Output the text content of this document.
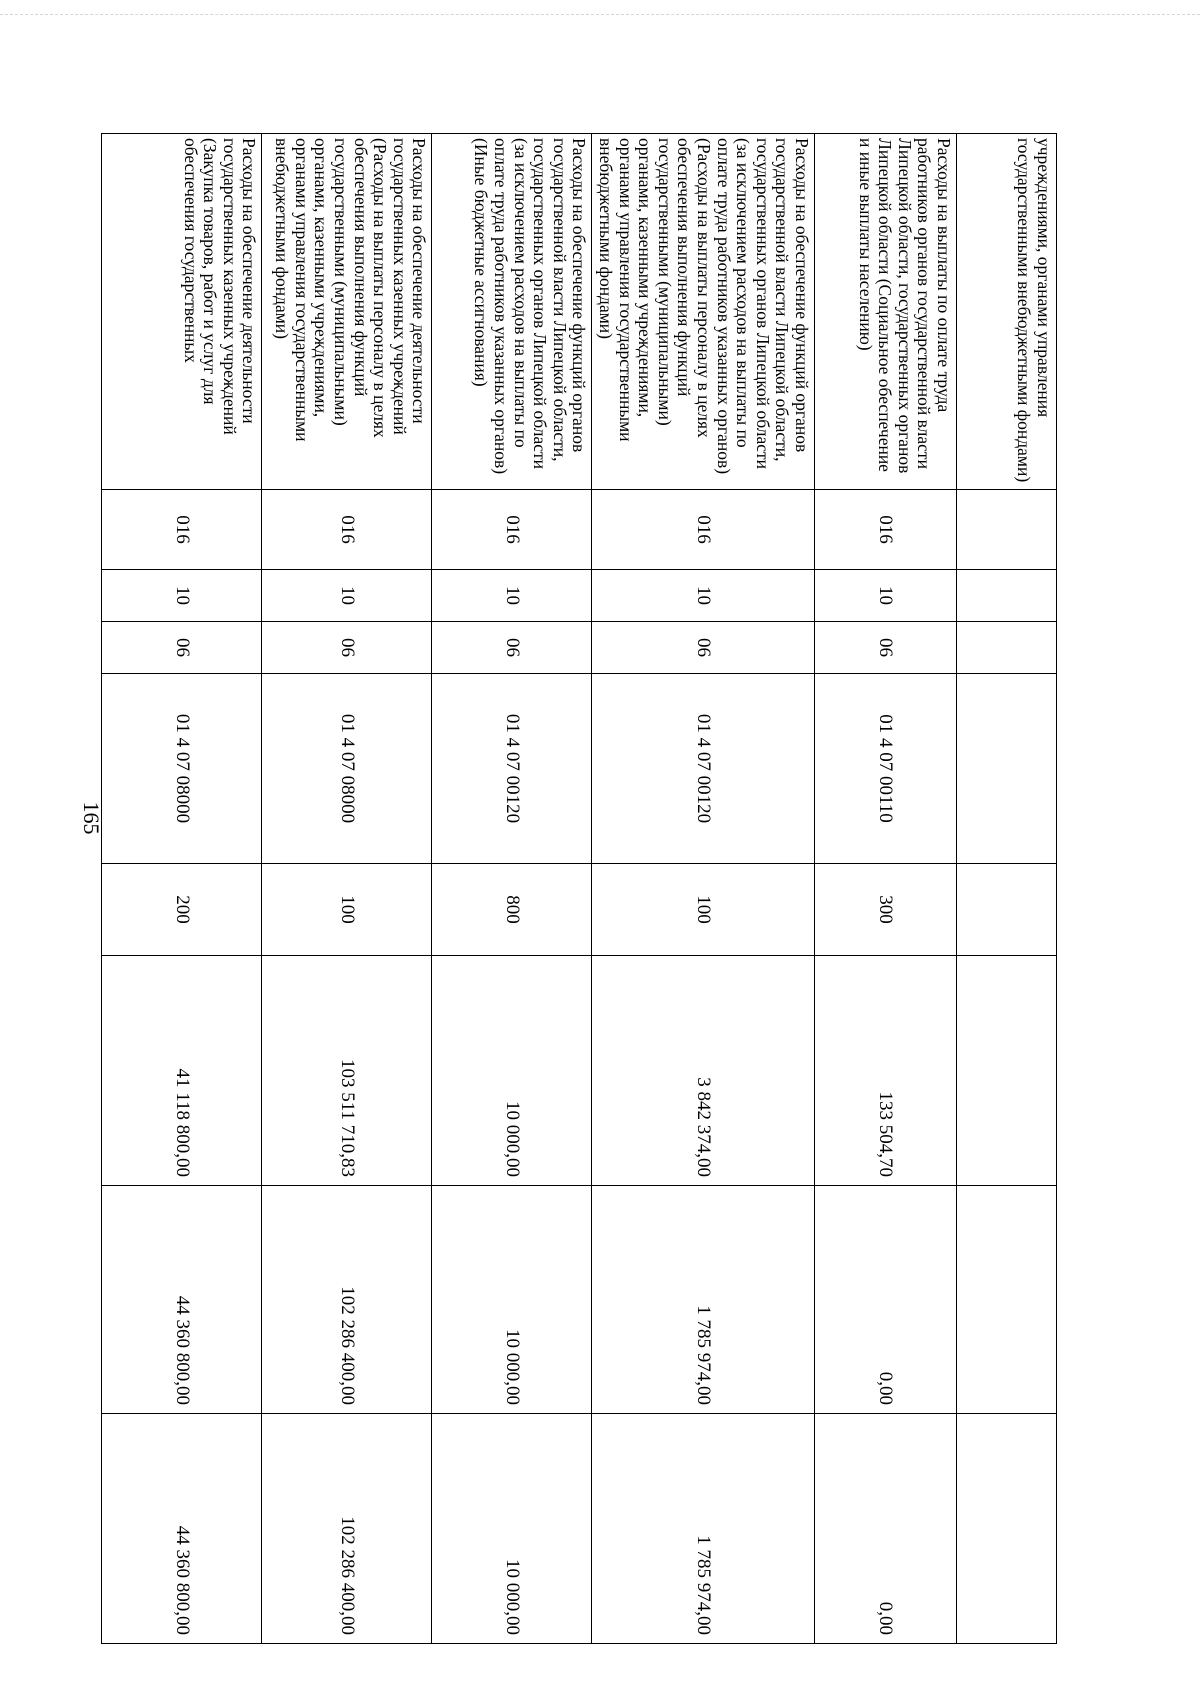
165
учреждениями, органами управления государственными внебюджетными фондами)								
Расходы на выплаты по оплате труда работников органов государственной власти Липецкой области, государственных органов Липецкой области (Социальное обеспечение и иные выплаты населению)	016	10	06	01 4 07 00110	300	133 504,70	0,00	0,00
Расходы на обеспечение функций органов государственной власти Липецкой области, государственных органов Липецкой области (за исключением расходов на выплаты по оплате труда работников указанных органов) (Расходы на выплаты персоналу в целях обеспечения выполнения функций государственными (муниципальными) органами, казенными учреждениями, органами управления государственными внебюджетными фондами)	016	10	06	01 4 07 00120	100	3 842 374,00	1 785 974,00	1 785 974,00
Расходы на обеспечение функций органов государственной власти Липецкой области, государственных органов Липецкой области (за исключением расходов на выплаты по оплате труда работников указанных органов) (Иные бюджетные ассигнования)	016	10	06	01 4 07 00120	800	10 000,00	10 000,00	10 000,00
Расходы на обеспечение деятельности государственных казенных учреждений (Расходы на выплаты персоналу в целях обеспечения выполнения функций государственными (муниципальными) органами, казенными учреждениями, органами управления государственными внебюджетными фондами)	016	10	06	01 4 07 08000	100	103 511 710,83	102 286 400,00	102 286 400,00
Расходы на обеспечение деятельности государственных казенных учреждений (Закупка товаров, работ и услуг для обеспечения государственных	016	10	06	01 4 07 08000	200	41 118 800,00	44 360 800,00	44 360 800,00
